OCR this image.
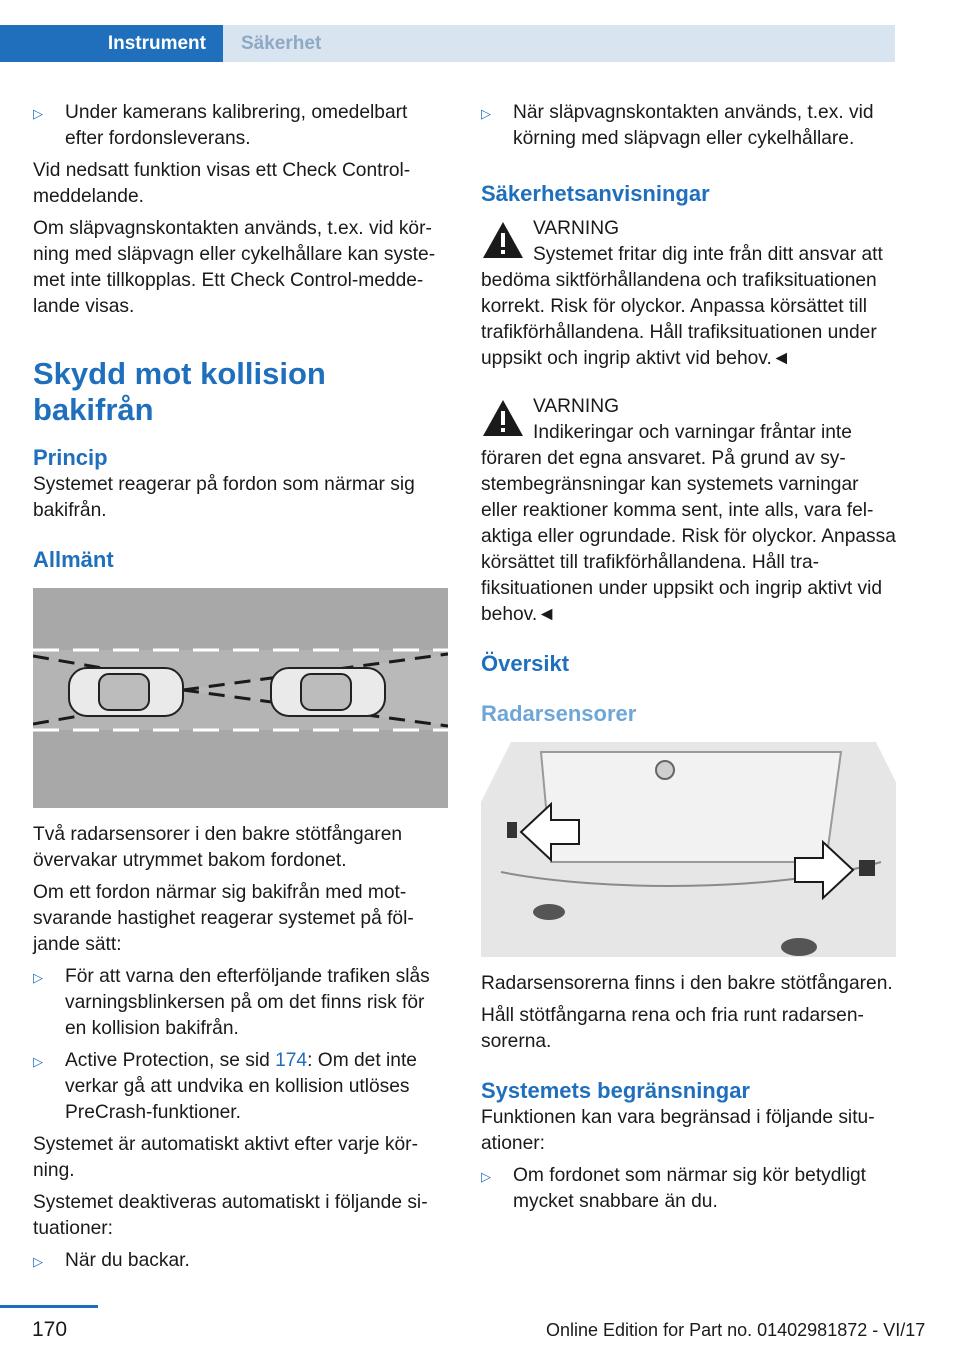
Instrument	Säkerhet
▷	Under kamerans kalibrering, omedelbart efter fordonsleverans.

Vid nedsatt funktion visas ett Check Control-meddelande.

Om släpvagnskontakten används, t.ex. vid körning med släpvagn eller cykelhållare kan systemet inte tillkopplas. Ett Check Control-meddelande visas.

Skydd mot kollision bakifrån
Princip

Systemet reagerar på fordon som närmar sig bakifrån.

Allmänt

Två radarsensorer i den bakre stötfångaren övervakar utrymmet bakom fordonet.

Om ett fordon närmar sig bakifrån med motsvarande hastighet reagerar systemet på följande sätt:

▷	För att varna den efterföljande trafiken slås varningsblinkersen på om det finns risk för en kollision bakifrån.
▷	Active Protection, se sid 174: Om det inte verkar gå att undvika en kollision utlöses PreCrash-funktioner.

Systemet är automatiskt aktivt efter varje körning.

Systemet deaktiveras automatiskt i följande situationer:

▷	När du backar.
▷	När släpvagnskontakten används, t.ex. vid körning med släpvagn eller cykelhållare.
Säkerhetsanvisningar
VARNING
Systemet fritar dig inte från ditt ansvar att bedöma siktförhållandena och trafiksituationen korrekt. Risk för olyckor. Anpassa körsättet till trafikförhållandena. Håll trafiksituationen under uppsikt och ingrip aktivt vid behov.◄
VARNING
Indikeringar och varningar fråntar inte föraren det egna ansvaret. På grund av systembegränsningar kan systemets varningar eller reaktioner komma sent, inte alls, vara felaktiga eller ogrundade. Risk för olyckor. Anpassa körsättet till trafikförhållandena. Håll trafiksituationen under uppsikt och ingrip aktivt vid behov.◄
Översikt
Radarsensorer

Radarsensorerna finns i den bakre stötfångaren.

Håll stötfångarna rena och fria runt radarsensorerna.

Systemets begränsningar

Funktionen kan vara begränsad i följande situationer:

▷	Om fordonet som närmar sig kör betydligt mycket snabbare än du.
170	Online Edition for Part no. 01402981872 - VI/17
